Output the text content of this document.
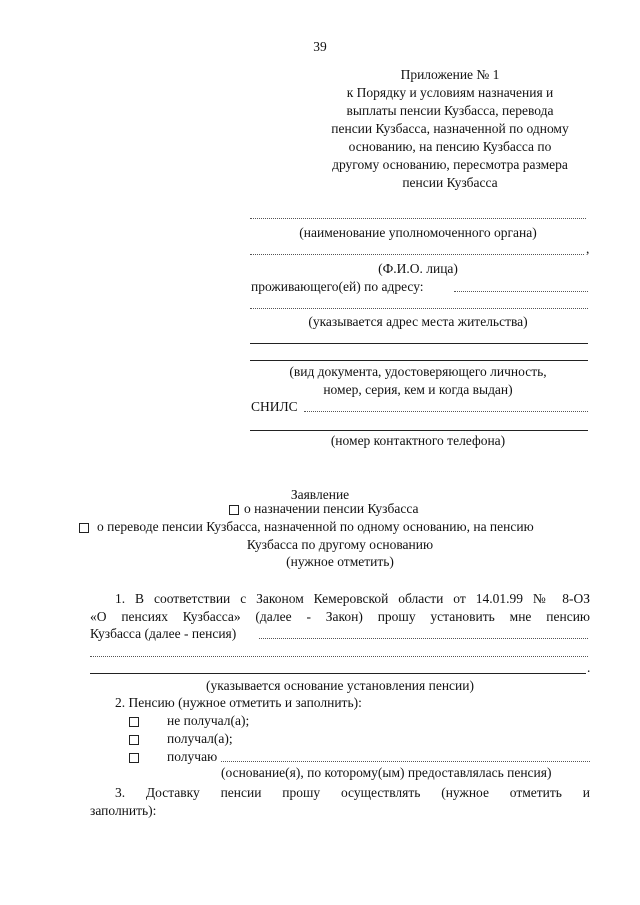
39
Приложение № 1
к Порядку и условиям назначения и
выплаты пенсии Кузбасса, перевода
пенсии Кузбасса, назначенной по одному
основанию, на пенсию Кузбасса по
другому основанию, пересмотра размера
пенсии Кузбасса
(наименование уполномоченного органа)
,
(Ф.И.О. лица)
проживающего(ей) по адресу:
(указывается адрес места жительства)
(вид документа, удостоверяющего личность,
номер, серия, кем и когда выдан)
СНИЛС
(номер контактного телефона)
Заявление
о назначении пенсии Кузбасса
о переводе пенсии Кузбасса, назначенной по одному основанию, на пенсию
Кузбасса по другому основанию
(нужное отметить)
1. В соответствии с Законом Кемеровской области от 14.01.99 № 8-ОЗ
«О пенсиях Кузбасса» (далее - Закон) прошу установить мне пенсию
Кузбасса (далее - пенсия)
.
(указывается основание установления пенсии)
2. Пенсию (нужное отметить и заполнить):
не получал(а);
получал(а);
получаю
(основание(я), по которому(ым) предоставлялась пенсия)
3. Доставку пенсии прошу осуществлять (нужное отметить и
заполнить):
